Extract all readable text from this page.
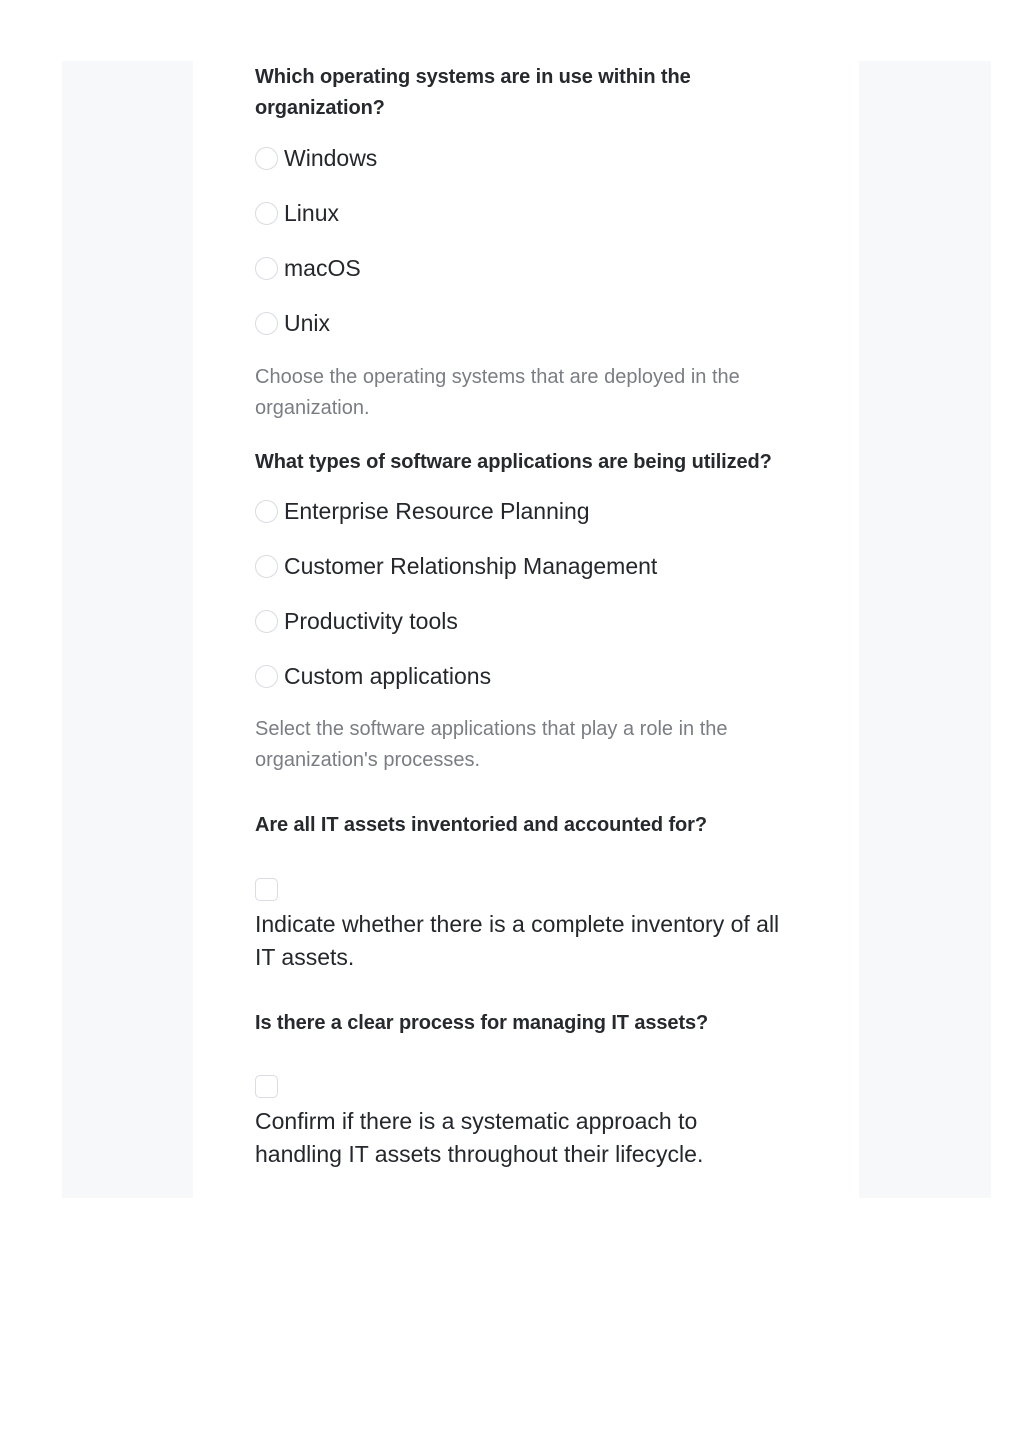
Which operating systems are in use within the organization?
Windows
Linux
macOS
Unix
Choose the operating systems that are deployed in the organization.
What types of software applications are being utilized?
Enterprise Resource Planning
Customer Relationship Management
Productivity tools
Custom applications
Select the software applications that play a role in the organization's processes.
Are all IT assets inventoried and accounted for?
Indicate whether there is a complete inventory of all IT assets.
Is there a clear process for managing IT assets?
Confirm if there is a systematic approach to handling IT assets throughout their lifecycle.
